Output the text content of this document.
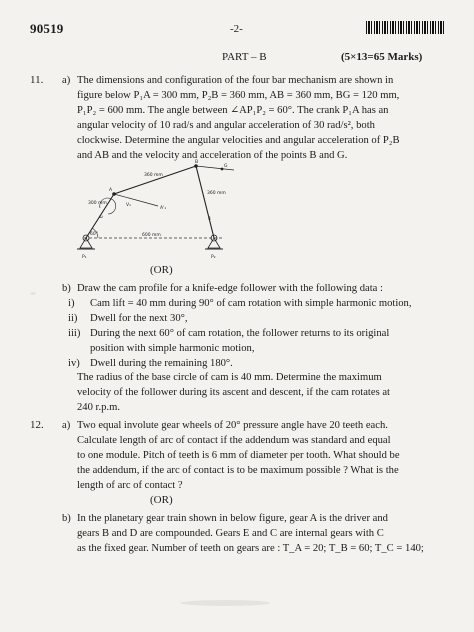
90519	-2-
PART – B	(5×13=65 Marks)
11. a) The dimensions and configuration of the four bar mechanism are shown in
figure below P₁A = 300 mm, P₂B = 360 mm, AB = 360 mm, BG = 120 mm,
P₁P₂ = 600 mm. The angle between ∠AP₁P₂ = 60°. The crank P₁A has an
angular velocity of 10 rad/s and angular acceleration of 30 rad/s², both
clockwise. Determine the angular velocities and angular acceleration of P₂B
and AB and the velocity and acceleration of the points B and G.
B
G
360 mm
360 mm
300 mm
A
V₁
A'₁
4
P₁	P₂
60°	600 mm
ω
(OR)
b) Draw the cam profile for a knife-edge follower with the following data :
i) Cam lift = 40 mm during 90° of cam rotation with simple harmonic motion,
ii) Dwell for the next 30°,
iii) During the next 60° of cam rotation, the follower returns to its original
position with simple harmonic motion,
iv) Dwell during the remaining 180°.
The radius of the base circle of cam is 40 mm. Determine the maximum
velocity of the follower during its ascent and descent, if the cam rotates at
240 r.p.m.
12. a) Two equal involute gear wheels of 20° pressure angle have 20 teeth each.
Calculate length of arc of contact if the addendum was standard and equal
to one module. Pitch of teeth is 6 mm of diameter per tooth. What should be
the addendum, if the arc of contact is to be maximum possible ? What is the
length of arc of contact ?
(OR)
b) In the planetary gear train shown in below figure, gear A is the driver and
gears B and D are compounded. Gears E and C are internal gears with C
as the fixed gear. Number of teeth on gears are : T_A = 20; T_B = 60; T_C = 140;
